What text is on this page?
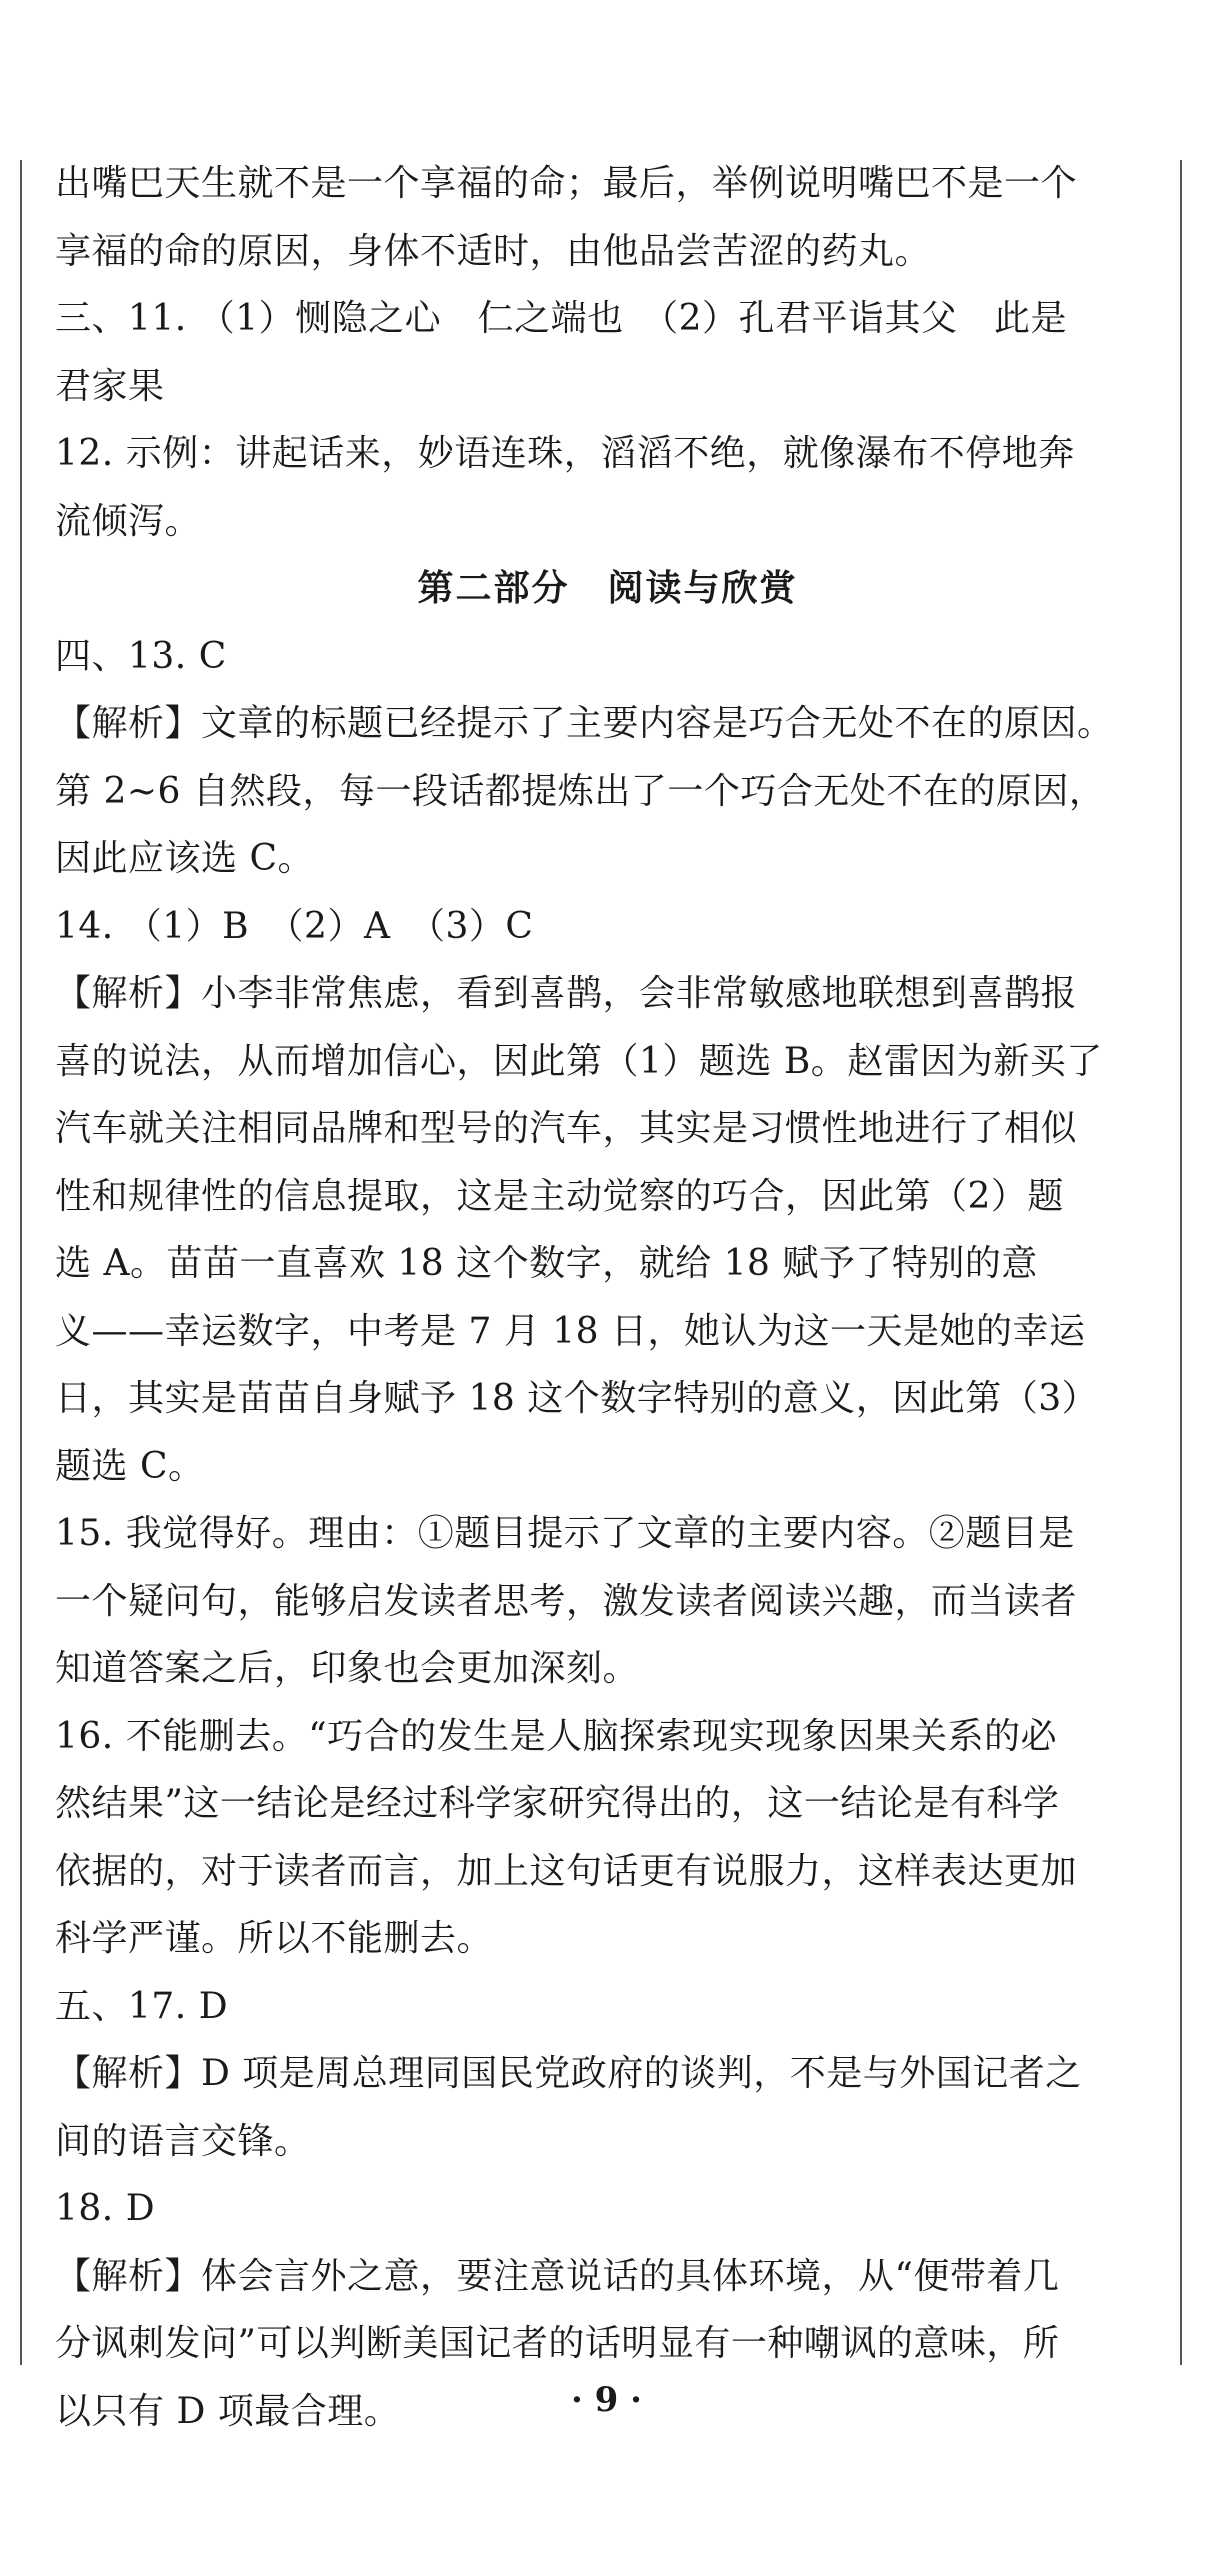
出嘴巴天生就不是一个享福的命；最后，举例说明嘴巴不是一个
享福的命的原因，身体不适时，由他品尝苦涩的药丸。
三、11. （1）恻隐之心　仁之端也　（2）孔君平诣其父　此是
君家果
12. 示例：讲起话来，妙语连珠，滔滔不绝，就像瀑布不停地奔
流倾泻。
第二部分　阅读与欣赏
四、13. C
【解析】文章的标题已经提示了主要内容是巧合无处不在的原因。
第 2~6 自然段，每一段话都提炼出了一个巧合无处不在的原因，
因此应该选 C。
14. （1）B　（2）A　（3）C
【解析】小李非常焦虑，看到喜鹊，会非常敏感地联想到喜鹊报
喜的说法，从而增加信心，因此第（1）题选 B。赵雷因为新买了
汽车就关注相同品牌和型号的汽车，其实是习惯性地进行了相似
性和规律性的信息提取，这是主动觉察的巧合，因此第（2）题
选 A。苗苗一直喜欢 18 这个数字，就给 18 赋予了特别的意
义——幸运数字，中考是 7 月 18 日，她认为这一天是她的幸运
日，其实是苗苗自身赋予 18 这个数字特别的意义，因此第（3）
题选 C。
15. 我觉得好。理由：①题目提示了文章的主要内容。②题目是
一个疑问句，能够启发读者思考，激发读者阅读兴趣，而当读者
知道答案之后，印象也会更加深刻。
16. 不能删去。“巧合的发生是人脑探索现实现象因果关系的必
然结果”这一结论是经过科学家研究得出的，这一结论是有科学
依据的，对于读者而言，加上这句话更有说服力，这样表达更加
科学严谨。所以不能删去。
五、17. D
【解析】D 项是周总理同国民党政府的谈判，不是与外国记者之
间的语言交锋。
18. D
【解析】体会言外之意，要注意说话的具体环境，从“便带着几
分讽刺发问”可以判断美国记者的话明显有一种嘲讽的意味，所
以只有 D 项最合理。	· 9 ·
